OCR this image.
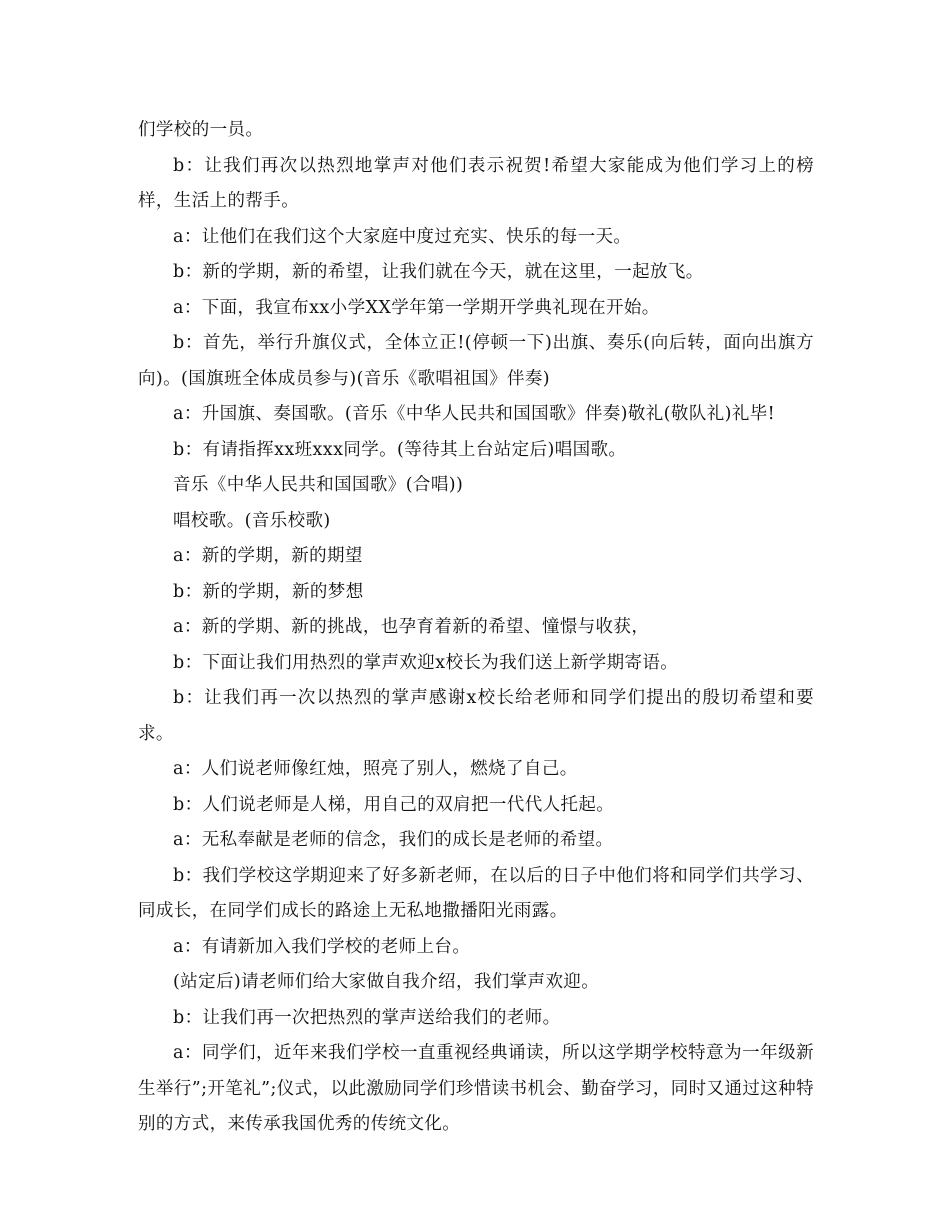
们学校的一员。

b：让我们再次以热烈地掌声对他们表示祝贺!希望大家能成为他们学习上的榜样，生活上的帮手。

a：让他们在我们这个大家庭中度过充实、快乐的每一天。

b：新的学期，新的希望，让我们就在今天，就在这里，一起放飞。

a：下面，我宣布xx小学XX学年第一学期开学典礼现在开始。

b：首先，举行升旗仪式，全体立正!(停顿一下)出旗、奏乐(向后转，面向出旗方向)。(国旗班全体成员参与)(音乐《歌唱祖国》伴奏)

a：升国旗、奏国歌。(音乐《中华人民共和国国歌》伴奏)敬礼(敬队礼)礼毕!

b：有请指挥xx班xxx同学。(等待其上台站定后)唱国歌。

音乐《中华人民共和国国歌》(合唱))

唱校歌。(音乐校歌)

a：新的学期，新的期望

b：新的学期，新的梦想

a：新的学期、新的挑战，也孕育着新的希望、憧憬与收获，

b：下面让我们用热烈的掌声欢迎x校长为我们送上新学期寄语。

b：让我们再一次以热烈的掌声感谢x校长给老师和同学们提出的殷切希望和要求。

a：人们说老师像红烛，照亮了别人，燃烧了自己。

b：人们说老师是人梯，用自己的双肩把一代代人托起。

a：无私奉献是老师的信念，我们的成长是老师的希望。

b：我们学校这学期迎来了好多新老师，在以后的日子中他们将和同学们共学习、同成长，在同学们成长的路途上无私地撒播阳光雨露。

a：有请新加入我们学校的老师上台。

(站定后)请老师们给大家做自我介绍，我们掌声欢迎。

b：让我们再一次把热烈的掌声送给我们的老师。

a：同学们，近年来我们学校一直重视经典诵读，所以这学期学校特意为一年级新生举行”;开笔礼”;仪式，以此激励同学们珍惜读书机会、勤奋学习，同时又通过这种特别的方式，来传承我国优秀的传统文化。
